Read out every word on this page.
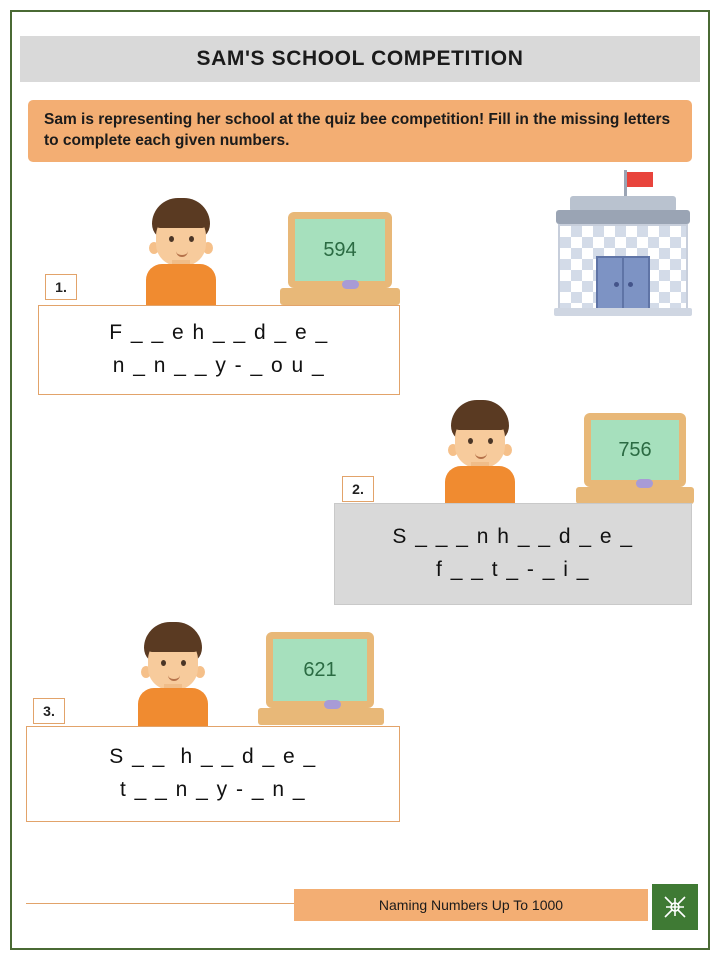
SAM'S SCHOOL COMPETITION
Sam is representing her school at the quiz bee competition! Fill in the missing letters to complete each given numbers.
594
F _ _ e h _ _ d _ e _
n _ n _ _ y - _ o u _
1.
756
S _ _ _ n h _ _ d _ e _
f _ _ t _ - _ i _
2.
621
S _ _  h _ _ d _ e _
t _ _ n _ y - _ n _
3.
Naming Numbers Up To 1000
